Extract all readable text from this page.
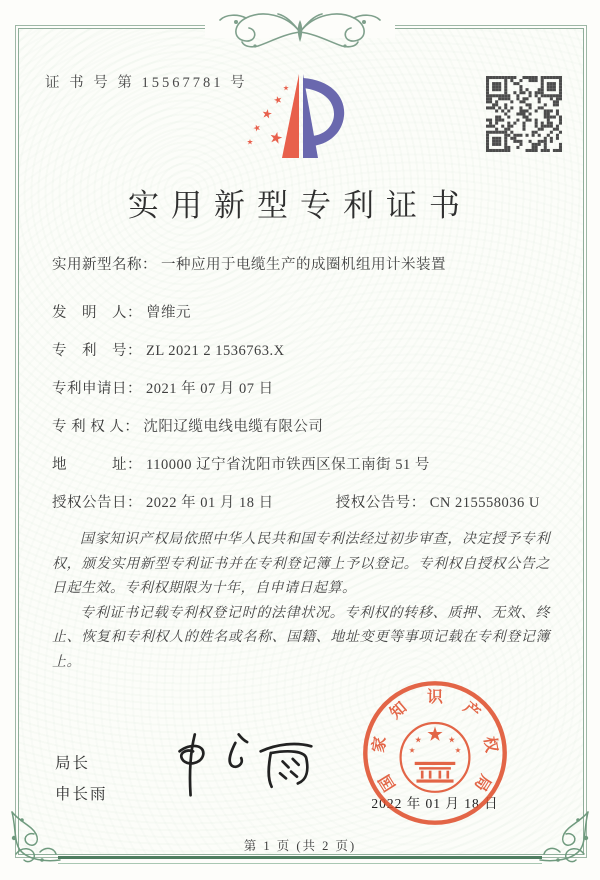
证 书 号 第 15567781 号
实用新型专利证书
实用新型名称： 一种应用于电缆生产的成圈机组用计米装置
发　明　人： 曾维元
专　利　号： ZL 2021 2 1536763.X
专利申请日： 2021 年 07 月 07 日
专 利 权 人： 沈阳辽缆电线电缆有限公司
地　　　址： 110000 辽宁省沈阳市铁西区保工南街 51 号
授权公告日： 2022 年 01 月 18 日	授权公告号： CN 215558036 U

国家知识产权局依照中华人民共和国专利法经过初步审查，决定授予专利权，颁发实用新型专利证书并在专利登记簿上予以登记。专利权自授权公告之日起生效。专利权期限为十年，自申请日起算。

专利证书记载专利权登记时的法律状况。专利权的转移、质押、无效、终止、恢复和专利权人的姓名或名称、国籍、地址变更等事项记载在专利登记簿上。

局长
申长雨
2022 年 01 月 18 日
国
家
知
识
产
权
局
第 1 页 (共 2 页)
